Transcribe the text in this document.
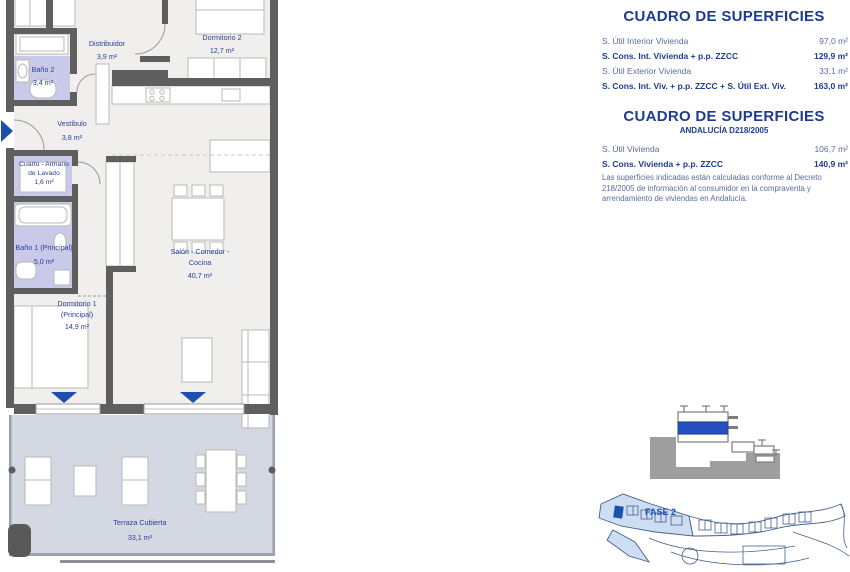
Distribuidor
3,9 m²
Dormitorio 2
12,7 m²
Baño 2
3,4 m²
Vestíbulo
3,8 m²
Cuarto - Armario
de Lavado
1,6 m²
Baño 1 (Principal)
5,0 m²
Salón - Comedor -
Cocina
40,7 m²
Dormitorio 1
(Principal)
14,9 m²
Terraza Cubierta
33,1 m²
CUADRO DE SUPERFICIES
S. Útil Interior Vivienda	97,0 m²
S. Cons. Int. Vivienda + p.p. ZZCC	129,9 m²
S. Útil Exterior Vivienda	33,1 m²
S. Cons. Int. Viv. + p.p. ZZCC + S. Útil Ext. Viv.	163,0 m²
CUADRO DE SUPERFICIES
ANDALUCÍA D218/2005
S. Útil Vivienda	106,7 m²
S. Cons. Vivienda + p.p. ZZCC	140,9 m²
Las superficies indicadas están calculadas conforme al Decreto 218/2005 de información al consumidor en la compraventa y arrendamiento de viviendas en Andalucía.
FASE 2
